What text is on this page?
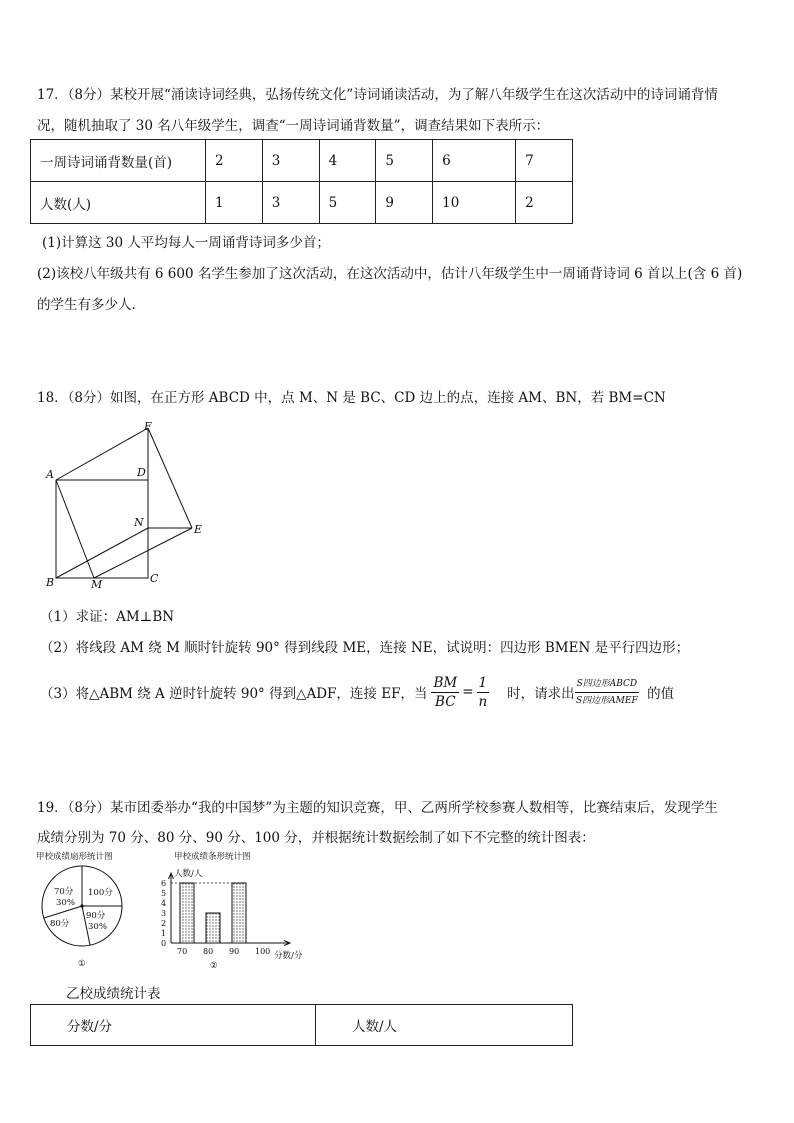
17．（8分）某校开展“涌读诗词经典，弘扬传统文化”诗词诵读活动，为了解八年级学生在这次活动中的诗词诵背情
况，随机抽取了 30 名八年级学生，调查“一周诗词诵背数量”，调查结果如下表所示：
一周诗词诵背数量(首)	2	3	4	5	6	7
人数(人)	1	3	5	9	10	2
(1)计算这 30 人平均每人一周诵背诗词多少首；
(2)该校八年级共有 6 600 名学生参加了这次活动，在这次活动中，估计八年级学生中一周诵背诗词 6 首以上(含 6 首)
的学生有多少人.
18．（8分）如图，在正方形 ABCD 中，点 M、N 是 BC、CD 边上的点，连接 AM、BN，若 BM=CN
A
B	C
D
F
E
N
M
（1）求证：AM⊥BN
（2）将线段 AM 绕 M 顺时针旋转 90° 得到线段 ME，连接 NE，试说明：四边形 BMEN 是平行四边形；
（3）将△ABM 绕 A 逆时针旋转 90° 得到△ADF，连接 EF，当 $\frac{BM}{BC} = \frac{1}{n}$ 时，请求出
S四边形ABCD
S四边形AMEF 的值
19．（8分）某市团委举办“我的中国梦”为主题的知识竞赛，甲、乙两所学校参赛人数相等，比赛结束后，发现学生
成绩分别为 70 分、80 分、90 分、100 分，并根据统计数据绘制了如下不完整的统计图表：
甲校成绩扇形统计图
70分
30%
100分
80分
90分
30%
①
甲校成绩条形统计图
0
1
2
3
4
5
6
70 80 90 100
人数/人
分数/分
②
乙校成绩统计表
分数/分	人数/人
